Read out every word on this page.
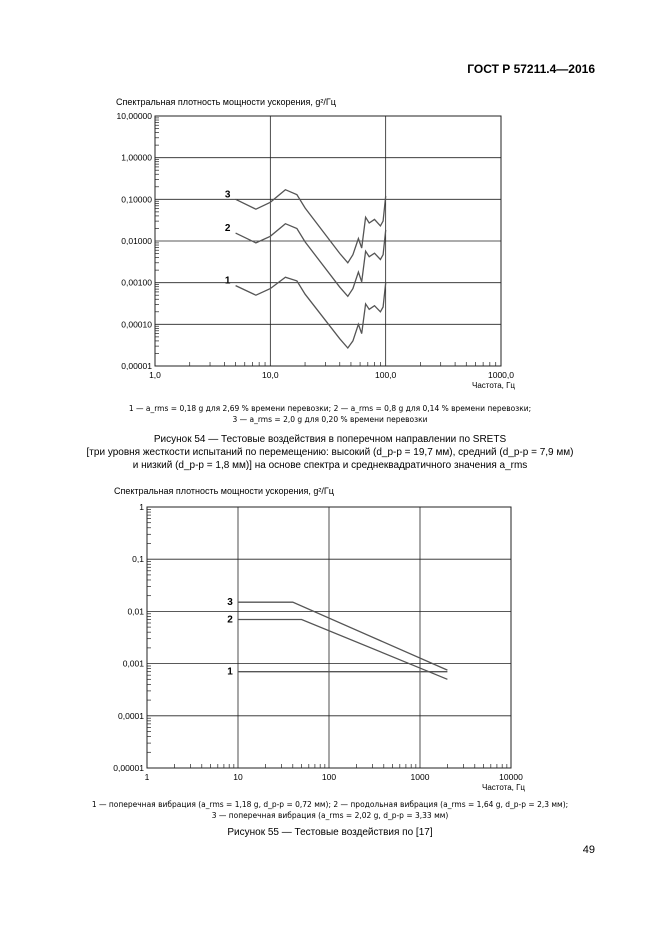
ГОСТ Р 57211.4—2016
Спектральная плотность мощности ускорения, g²/Гц
1,0	10,0	100,0	1000,0
10,00000
1,00000
0,10000
0,01000
0,00100
0,00010
0,00001
Частота, Гц
3
2
1
1 — a_rms = 0,18 g для 2,69 % времени перевозки; 2 — a_rms = 0,8 g для 0,14 % времени перевозки;
3 — a_rms = 2,0 g для 0,20 % времени перевозки
Рисунок 54 — Тестовые воздействия в поперечном направлении по SRETS
[три уровня жесткости испытаний по перемещению: высокий (d_p-p = 19,7 мм), средний (d_p-p = 7,9 мм)
и низкий (d_p-p = 1,8 мм)] на основе спектра и среднеквадратичного значения a_rms
Спектральная плотность мощности ускорения, g²/Гц
1	10	100	1000	10000
1
0,1
0,01
0,001
0,0001
0,00001
Частота, Гц
3
2
1
1 — поперечная вибрация (a_rms = 1,18 g, d_p-p = 0,72 мм); 2 — продольная вибрация (a_rms = 1,64 g, d_p-p = 2,3 мм);
3 — поперечная вибрация (a_rms = 2,02 g, d_p-p = 3,33 мм)
Рисунок 55 — Тестовые воздействия по [17]
49
